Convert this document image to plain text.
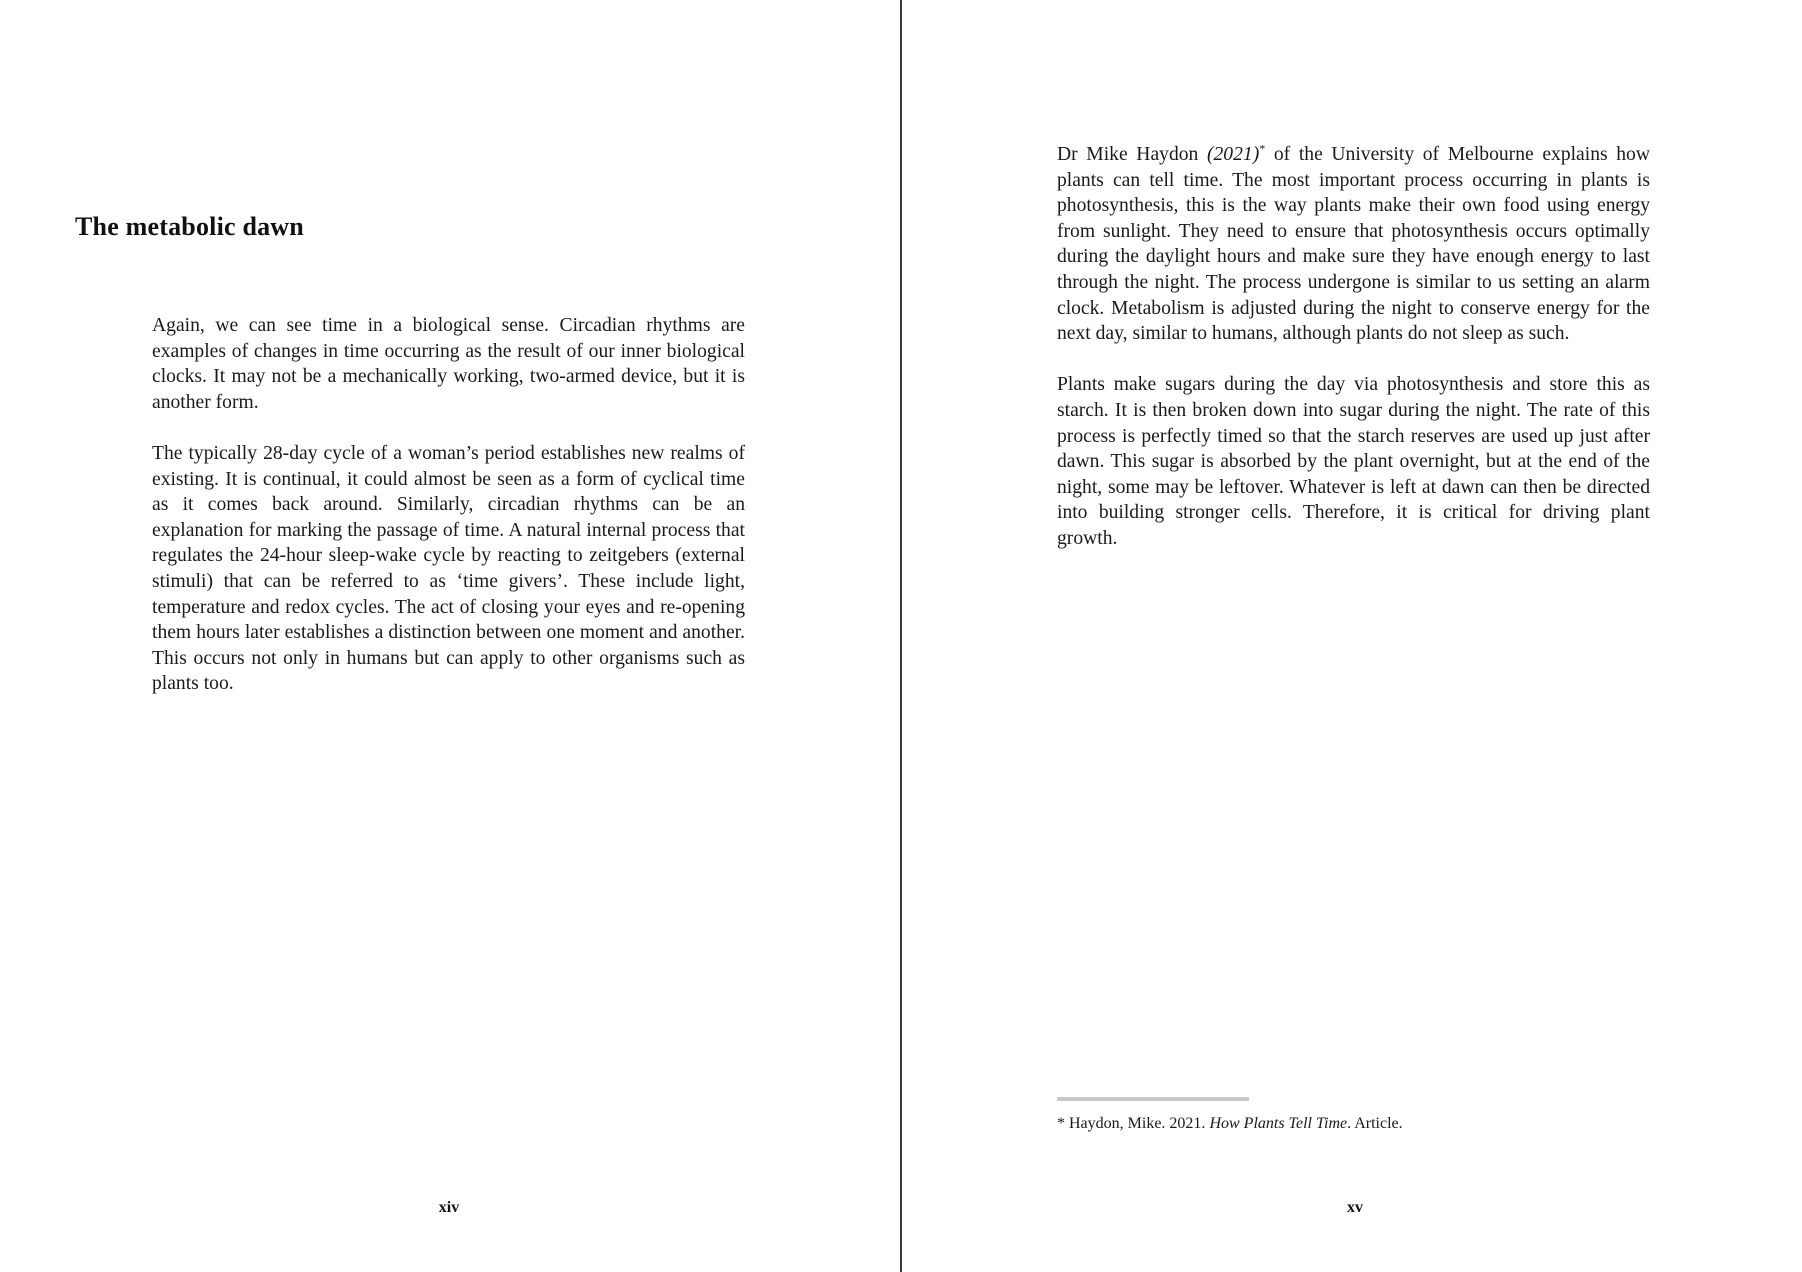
The metabolic dawn

Again, we can see time in a biological sense. Circadian rhythms are examples of changes in time occurring as the result of our inner biological clocks. It may not be a mechanically working, two-armed device, but it is another form.

The typically 28-day cycle of a woman’s period establishes new realms of existing. It is continual, it could almost be seen as a form of cyclical time as it comes back around. Similarly, circadian rhythms can be an explanation for marking the passage of time. A natural internal process that regulates the 24-hour sleep-wake cycle by reacting to zeitgebers (external stimuli) that can be referred to as ‘time givers’. These include light, temperature and redox cycles. The act of closing your eyes and re-opening them hours later establishes a distinction between one moment and another. This occurs not only in humans but can apply to other organisms such as plants too.

xiv

Dr Mike Haydon (2021)* of the University of Melbourne explains how plants can tell time. The most important process occurring in plants is photosynthesis, this is the way plants make their own food using energy from sunlight. They need to ensure that photosynthesis occurs optimally during the daylight hours and make sure they have enough energy to last through the night. The process undergone is similar to us setting an alarm clock. Metabolism is adjusted during the night to conserve energy for the next day, similar to humans, although plants do not sleep as such.

Plants make sugars during the day via photosynthesis and store this as starch. It is then broken down into sugar during the night. The rate of this process is perfectly timed so that the starch reserves are used up just after dawn. This sugar is absorbed by the plant overnight, but at the end of the night, some may be leftover. Whatever is left at dawn can then be directed into building stronger cells. Therefore, it is critical for driving plant growth.

* Haydon, Mike. 2021. How Plants Tell Time. Article.
xv
